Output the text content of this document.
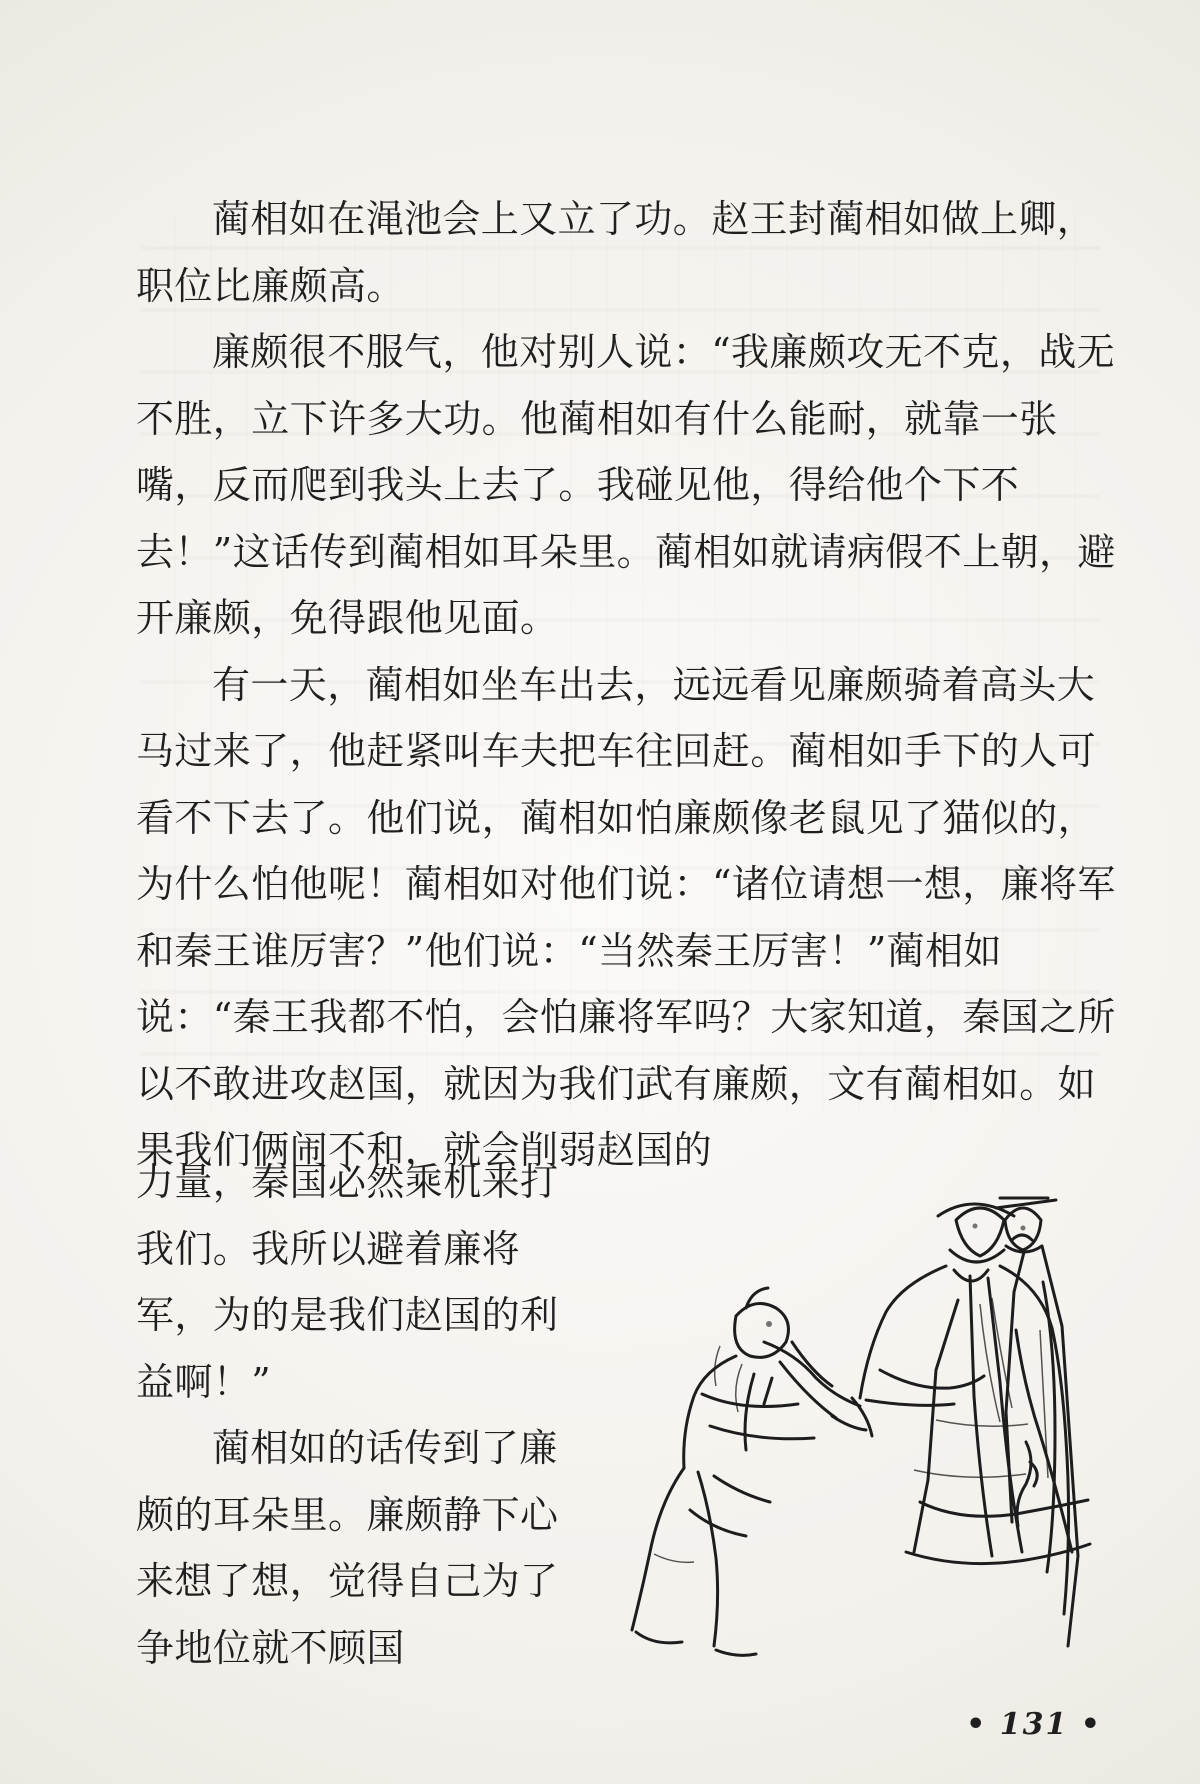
蔺相如在渑池会上又立了功。赵王封蔺相如做上卿，职位比廉颇高。

廉颇很不服气，他对别人说：“我廉颇攻无不克，战无不胜，立下许多大功。他蔺相如有什么能耐，就靠一张嘴，反而爬到我头上去了。我碰见他，得给他个下不去！”这话传到蔺相如耳朵里。蔺相如就请病假不上朝，避开廉颇，免得跟他见面。

有一天，蔺相如坐车出去，远远看见廉颇骑着高头大马过来了，他赶紧叫车夫把车往回赶。蔺相如手下的人可看不下去了。他们说，蔺相如怕廉颇像老鼠见了猫似的，为什么怕他呢！蔺相如对他们说：“诸位请想一想，廉将军和秦王谁厉害？”他们说：“当然秦王厉害！”蔺相如说：“秦王我都不怕，会怕廉将军吗？大家知道，秦国之所以不敢进攻赵国，就因为我们武有廉颇，文有蔺相如。如果我们俩闹不和，就会削弱赵国的

力量，秦国必然乘机来打我们。我所以避着廉将军，为的是我们赵国的利益啊！”

蔺相如的话传到了廉颇的耳朵里。廉颇静下心来想了想，觉得自己为了争地位就不顾国

• 131 •
